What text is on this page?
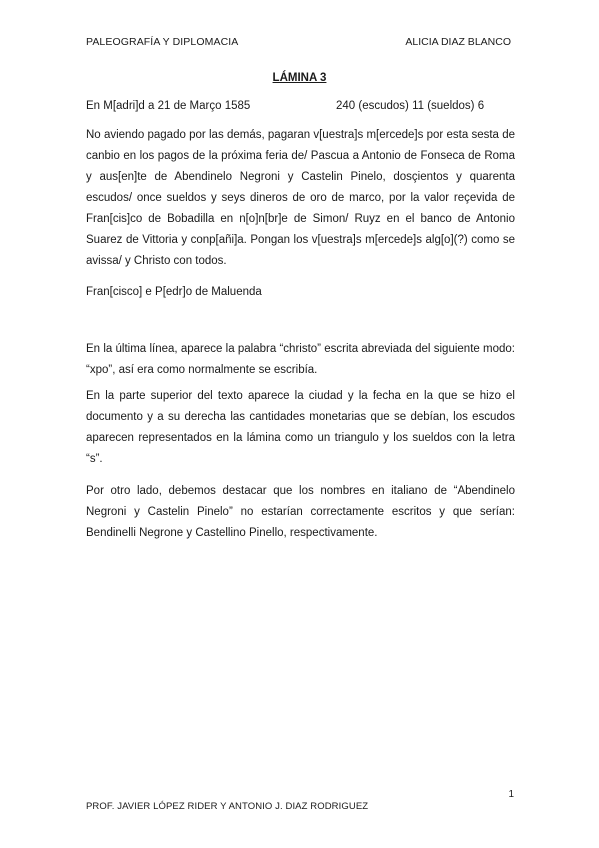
PALEOGRAFÍA Y DIPLOMACIA	ALICIA DIAZ BLANCO
LÁMINA 3
En M[adri]d a 21 de Março 1585	240 (escudos) 11 (sueldos) 6

No aviendo pagado por las demás, pagaran v[uestra]s m[ercede]s por esta sesta de canbio en los pagos de la próxima feria de/ Pascua a Antonio de Fonseca de Roma y aus[en]te de Abendinelo Negroni y Castelin Pinelo, dosçientos y quarenta escudos/ once sueldos y seys dineros de oro de marco, por la valor reçevida de Fran[cis]co de Bobadilla en n[o]n[br]e de Simon/ Ruyz en el banco de Antonio Suarez de Vittoria y conp[añi]a. Pongan los v[uestra]s m[ercede]s alg[o](?) como se avissa/ y Christo con todos.

Fran[cisco] e P[edr]o de Maluenda

En la última línea, aparece la palabra “christo” escrita abreviada del siguiente modo: “xpo”, así era como normalmente se escribía.

En la parte superior del texto aparece la ciudad y la fecha en la que se hizo el documento y a su derecha las cantidades monetarias que se debían, los escudos aparecen representados en la lámina como un triangulo y los sueldos con la letra “s”.

Por otro lado, debemos destacar que los nombres en italiano de “Abendinelo Negroni y Castelin Pinelo” no estarían correctamente escritos y que serían: Bendinelli Negrone y Castellino Pinello, respectivamente.

1
PROF. JAVIER LÓPEZ RIDER Y ANTONIO J. DIAZ RODRIGUEZ
